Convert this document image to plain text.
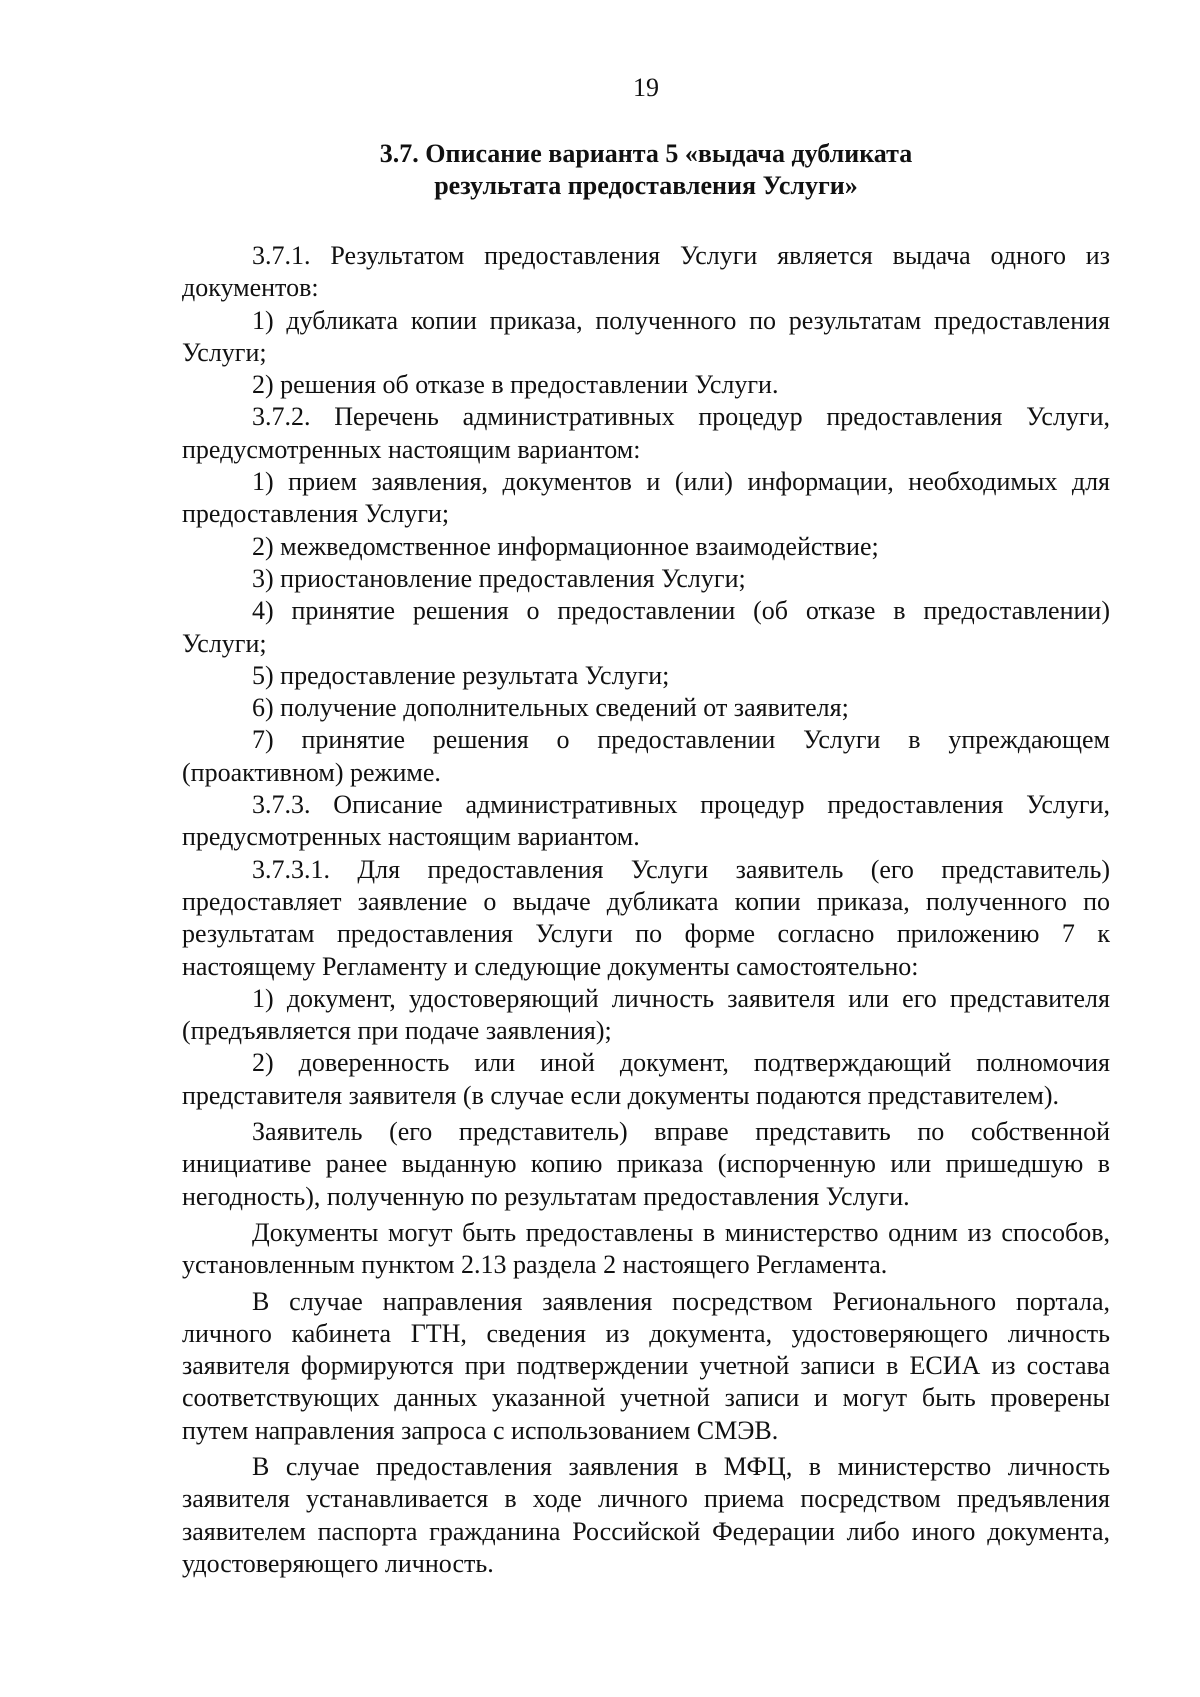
19
3.7. Описание варианта 5 «выдача дубликата
результата предоставления Услуги»

3.7.1. Результатом предоставления Услуги является выдача одного из документов:

1) дубликата копии приказа, полученного по результатам предоставления Услуги;

2) решения об отказе в предоставлении Услуги.

3.7.2. Перечень административных процедур предоставления Услуги, предусмотренных настоящим вариантом:

1) прием заявления, документов и (или) информации, необходимых для предоставления Услуги;

2) межведомственное информационное взаимодействие;

3) приостановление предоставления Услуги;

4) принятие решения о предоставлении (об отказе в предоставлении) Услуги;

5) предоставление результата Услуги;

6) получение дополнительных сведений от заявителя;

7) принятие решения о предоставлении Услуги в упреждающем (проактивном) режиме.

3.7.3. Описание административных процедур предоставления Услуги, предусмотренных настоящим вариантом.

3.7.3.1. Для предоставления Услуги заявитель (его представитель) предоставляет заявление о выдаче дубликата копии приказа, полученного по результатам предоставления Услуги по форме согласно приложению 7 к настоящему Регламенту и следующие документы самостоятельно:

1) документ, удостоверяющий личность заявителя или его представителя (предъявляется при подаче заявления);

2) доверенность или иной документ, подтверждающий полномочия представителя заявителя (в случае если документы подаются представителем).

Заявитель (его представитель) вправе представить по собственной инициативе ранее выданную копию приказа (испорченную или пришедшую в негодность), полученную по результатам предоставления Услуги.

Документы могут быть предоставлены в министерство одним из способов, установленным пунктом 2.13 раздела 2 настоящего Регламента.

В случае направления заявления посредством Регионального портала, личного кабинета ГТН, сведения из документа, удостоверяющего личность заявителя формируются при подтверждении учетной записи в ЕСИА из состава соответствующих данных указанной учетной записи и могут быть проверены путем направления запроса с использованием СМЭВ.

В случае предоставления заявления в МФЦ, в министерство личность заявителя устанавливается в ходе личного приема посредством предъявления заявителем паспорта гражданина Российской Федерации либо иного документа, удостоверяющего личность.
